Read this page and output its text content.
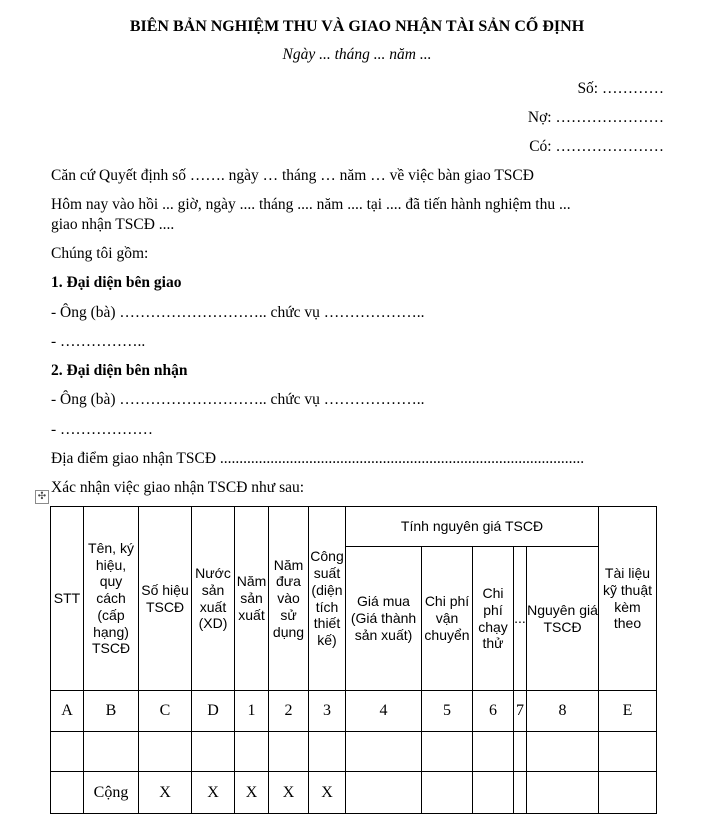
BIÊN BẢN NGHIỆM THU VÀ GIAO NHẬN TÀI SẢN CỐ ĐỊNH
Ngày ... tháng ... năm ...
Số: …………
Nợ: …………………
Có: …………………
Căn cứ Quyết định số ……. ngày … tháng … năm … về việc bàn giao TSCĐ
Hôm nay vào hồi ... giờ, ngày .... tháng .... năm .... tại .... đã tiến hành nghiệm thu ...
giao nhận TSCĐ ....
Chúng tôi gồm:
1. Đại diện bên giao
- Ông (bà) ……………………….. chức vụ ………………..
- ……………..
2. Đại diện bên nhận
- Ông (bà) ……………………….. chức vụ ………………..
- ………………
Địa điểm giao nhận TSCĐ ..............................................................................................
Xác nhận việc giao nhận TSCĐ như sau:
✣
STT	Tên, ký hiệu, quy cách (cấp hạng) TSCĐ	Số hiệu TSCĐ	Nước sản xuất (XD)	Năm sản xuất	Năm đưa vào sử dụng	Công suất (diện tích thiết kế)	Tính nguyên giá TSCĐ					Tài liệu kỹ thuật kèm theo

							Giá mua (Giá thành sản xuất)	Chi phí vận chuyển	Chi phí chạy thử	...	Nguyên giá TSCĐ	

A	B	C	D	1	2	3	4	5	6	7	8	E

	Cộng	X	X	X	X	X						
